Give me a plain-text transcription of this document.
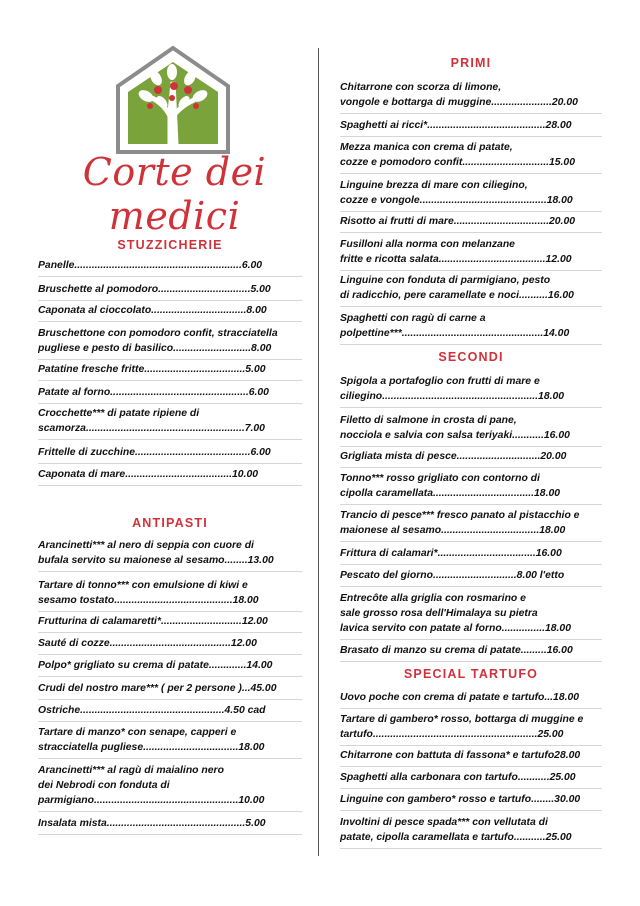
Corte dei medici
STUZZICHERIE
Panelle..........................................................6.00
Bruschette al pomodoro................................5.00
Caponata al cioccolato.................................8.00
Bruschettone con pomodoro confit, stracciatella
pugliese e pesto di basilico...........................8.00
Patatine fresche fritte...................................5.00
Patate al forno................................................6.00
Crocchette*** di patate ripiene di
scamorza.......................................................7.00
Frittelle di zucchine........................................6.00
Caponata di mare.....................................10.00
ANTIPASTI
Arancinetti*** al nero di seppia con cuore di
bufala servito su maionese al sesamo........13.00
Tartare di tonno*** con emulsione di kiwi e
sesamo tostato.........................................18.00
Frutturina di calamaretti*............................12.00
Sauté di cozze..........................................12.00
Polpo* grigliato su crema di patate.............14.00
Crudi del nostro mare*** ( per 2 persone )...45.00
Ostriche..................................................4.50 cad
Tartare di manzo* con senape, capperi e
stracciatella pugliese.................................18.00
Arancinetti*** al ragù di maialino nero
dei Nebrodi con fonduta di
parmigiano..................................................10.00
Insalata mista................................................5.00
PRIMI
Chitarrone con scorza di limone,
vongole e bottarga di muggine.....................20.00
Spaghetti ai ricci*.........................................28.00
Mezza manica con crema di patate,
cozze e pomodoro confit..............................15.00
Linguine brezza di mare con ciliegino,
cozze e vongole............................................18.00
Risotto ai frutti di mare.................................20.00
Fusilloni alla norma con melanzane
fritte e ricotta salata.....................................12.00
Linguine con fonduta di parmigiano, pesto
di radicchio, pere caramellate e noci..........16.00
Spaghetti con ragù di carne a
polpettine***.................................................14.00
SECONDI
Spigola a portafoglio con frutti di mare e
ciliegino......................................................18.00
Filetto di salmone in crosta di pane,
nocciola e salvia con salsa teriyaki...........16.00
Grigliata mista di pesce.............................20.00
Tonno*** rosso grigliato con contorno di
cipolla caramellata...................................18.00
Trancio di pesce*** fresco panato al pistacchio e
maionese al sesamo..................................18.00
Frittura di calamari*..................................16.00
Pescato del giorno.............................8.00 l'etto
Entrecôte alla griglia con rosmarino e
sale grosso rosa dell'Himalaya su pietra
lavica servito con patate al forno...............18.00
Brasato di manzo su crema di patate.........16.00
SPECIAL TARTUFO
Uovo poche con crema di patate e tartufo...18.00
Tartare di gambero* rosso, bottarga di muggine e
tartufo.........................................................25.00
Chitarrone con battuta di fassona* e tartufo28.00
Spaghetti alla carbonara con tartufo...........25.00
Linguine con gambero* rosso e tartufo........30.00
Involtini di pesce spada*** con vellutata di
patate, cipolla caramellata e tartufo...........25.00
